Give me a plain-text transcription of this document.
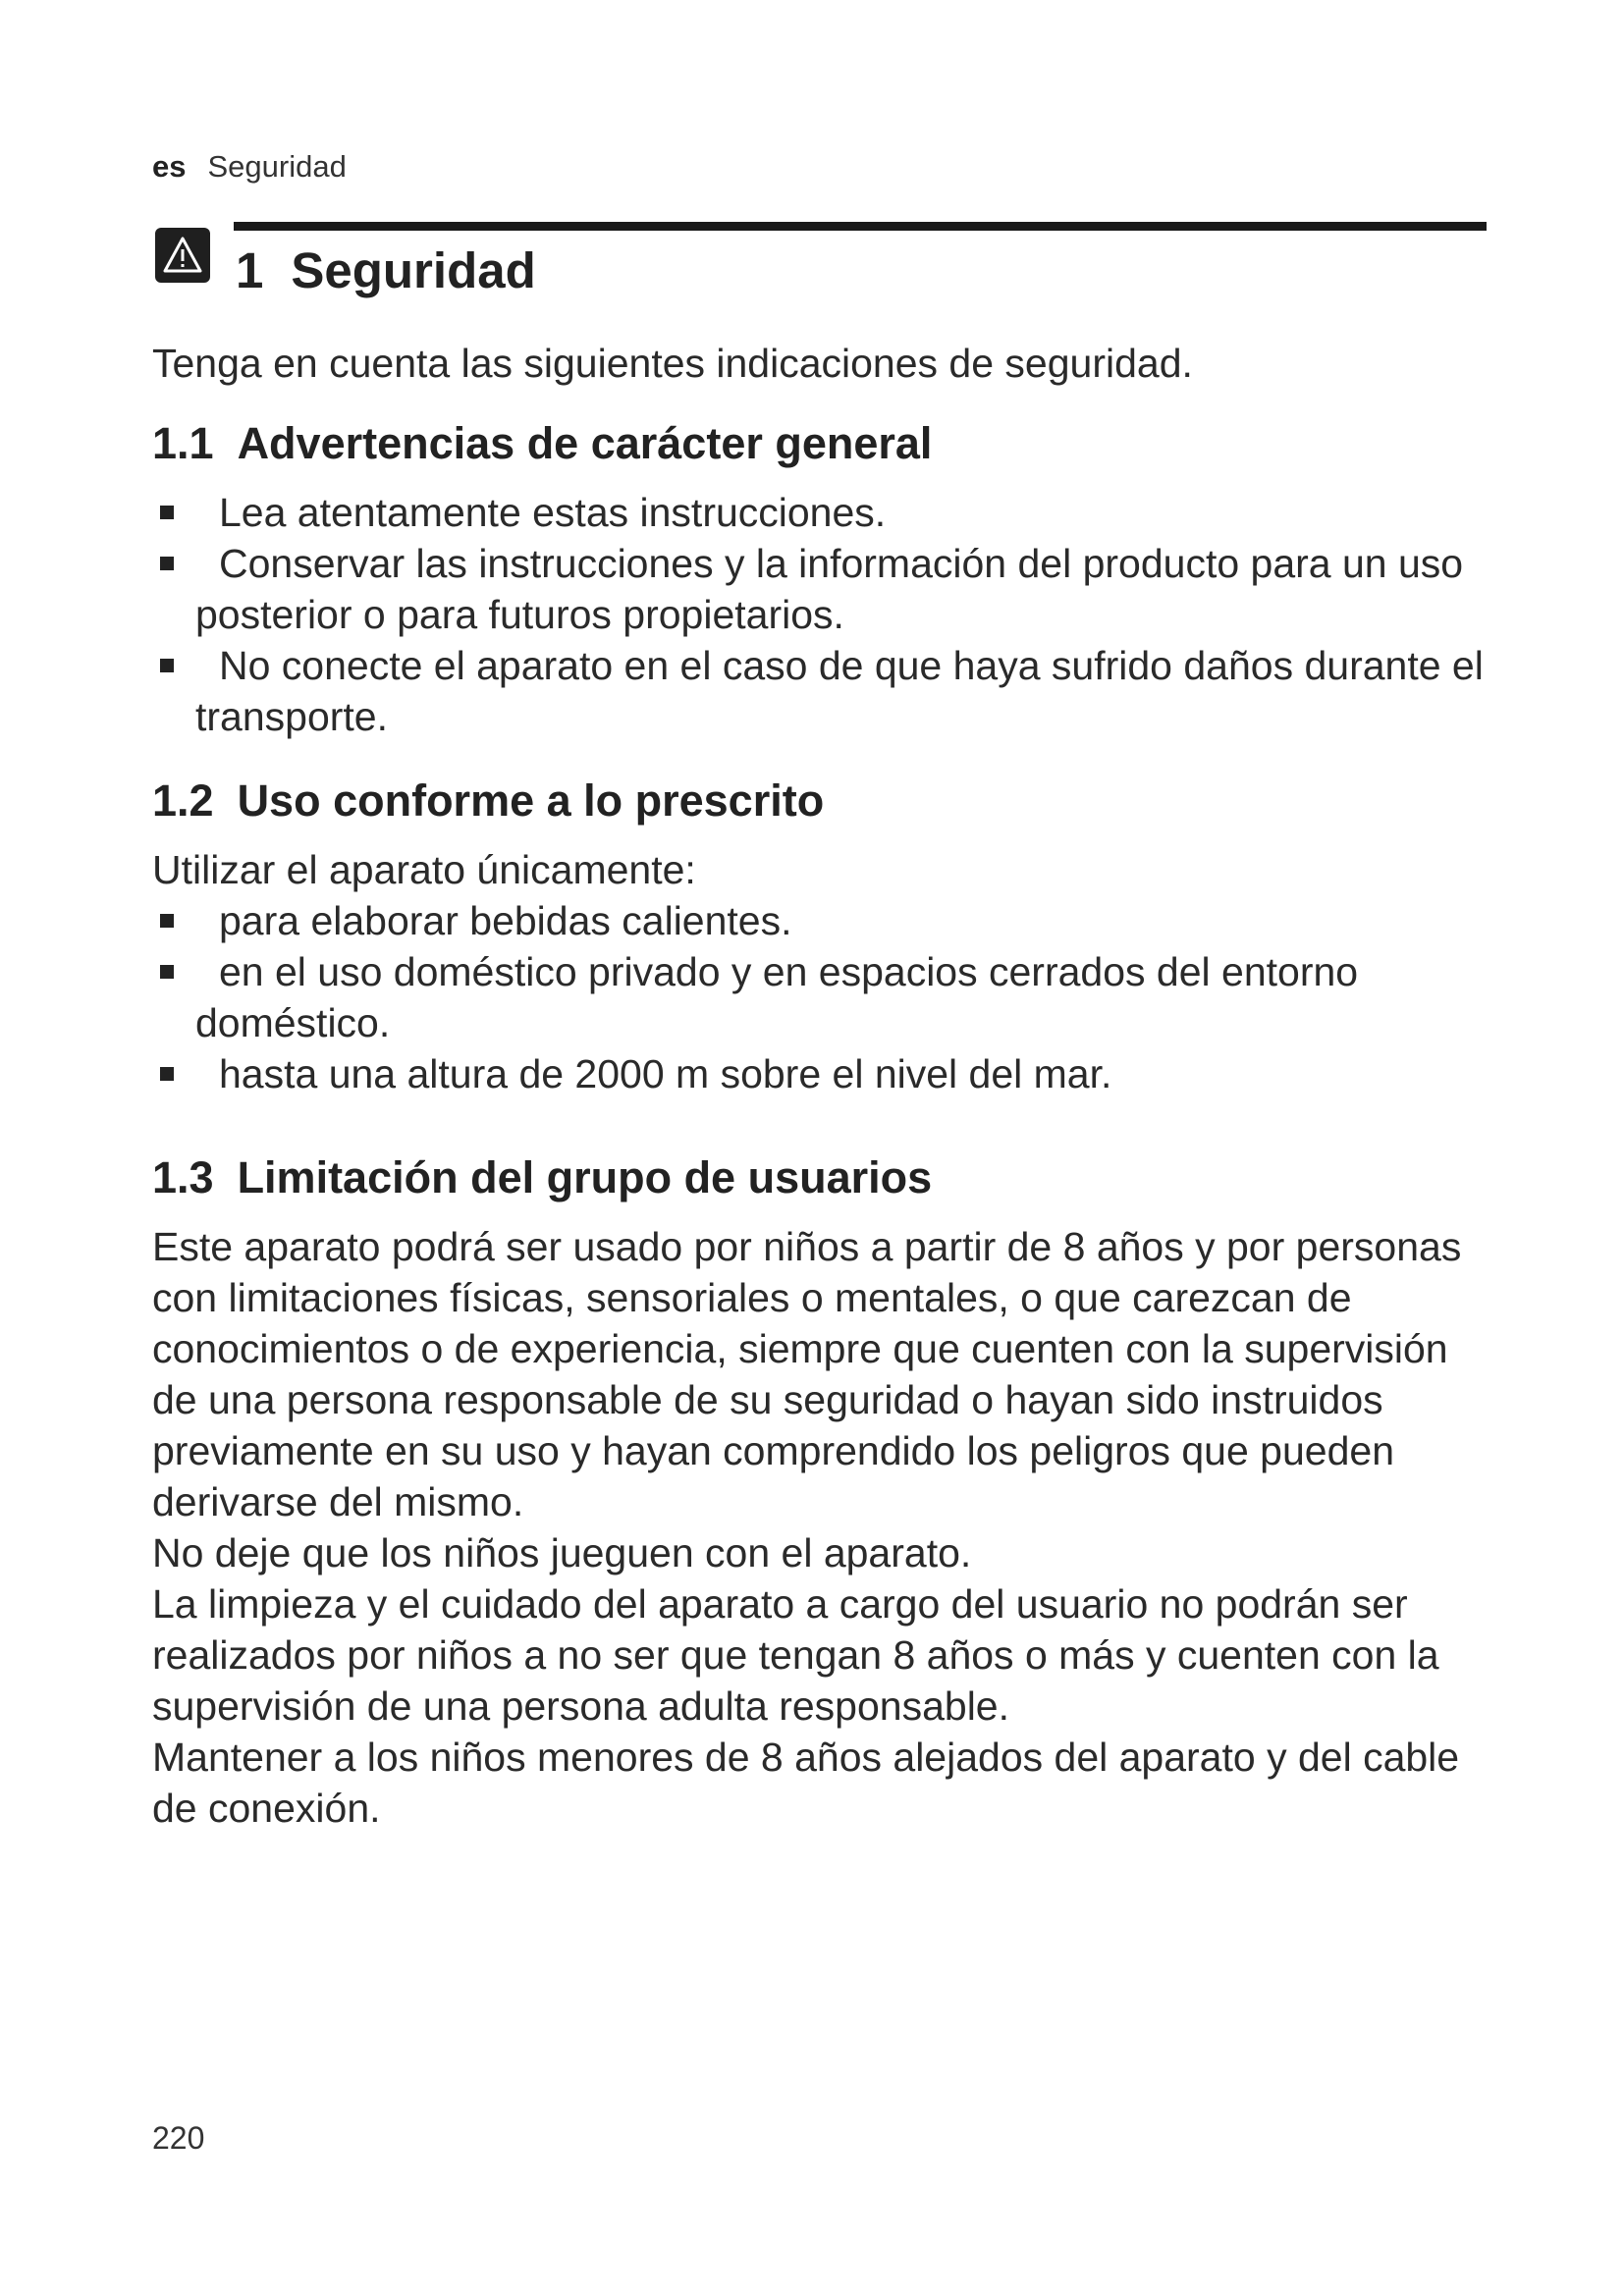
es Seguridad
1 Seguridad

Tenga en cuenta las siguientes indicaciones de seguridad.

1.1 Advertencias de carácter general
Lea atentamente estas instrucciones.
Conservar las instrucciones y la información del producto para un uso posterior o para futuros propietarios.
No conecte el aparato en el caso de que haya sufrido daños durante el transporte.
1.2 Uso conforme a lo prescrito

Utilizar el aparato únicamente:

para elaborar bebidas calientes.
en el uso doméstico privado y en espacios cerrados del entorno doméstico.
hasta una altura de 2000 m sobre el nivel del mar.
1.3 Limitación del grupo de usuarios

Este aparato podrá ser usado por niños a partir de 8 años y por personas con limitaciones físicas, sensoriales o mentales, o que carezcan de conocimientos o de experiencia, siempre que cuenten con la supervisión de una persona responsable de su seguridad o hayan sido instruidos previamente en su uso y hayan comprendido los peligros que pueden derivarse del mismo.

No deje que los niños jueguen con el aparato.

La limpieza y el cuidado del aparato a cargo del usuario no podrán ser realizados por niños a no ser que tengan 8 años o más y cuenten con la supervisión de una persona adulta responsable.

Mantener a los niños menores de 8 años alejados del aparato y del cable de conexión.

220
